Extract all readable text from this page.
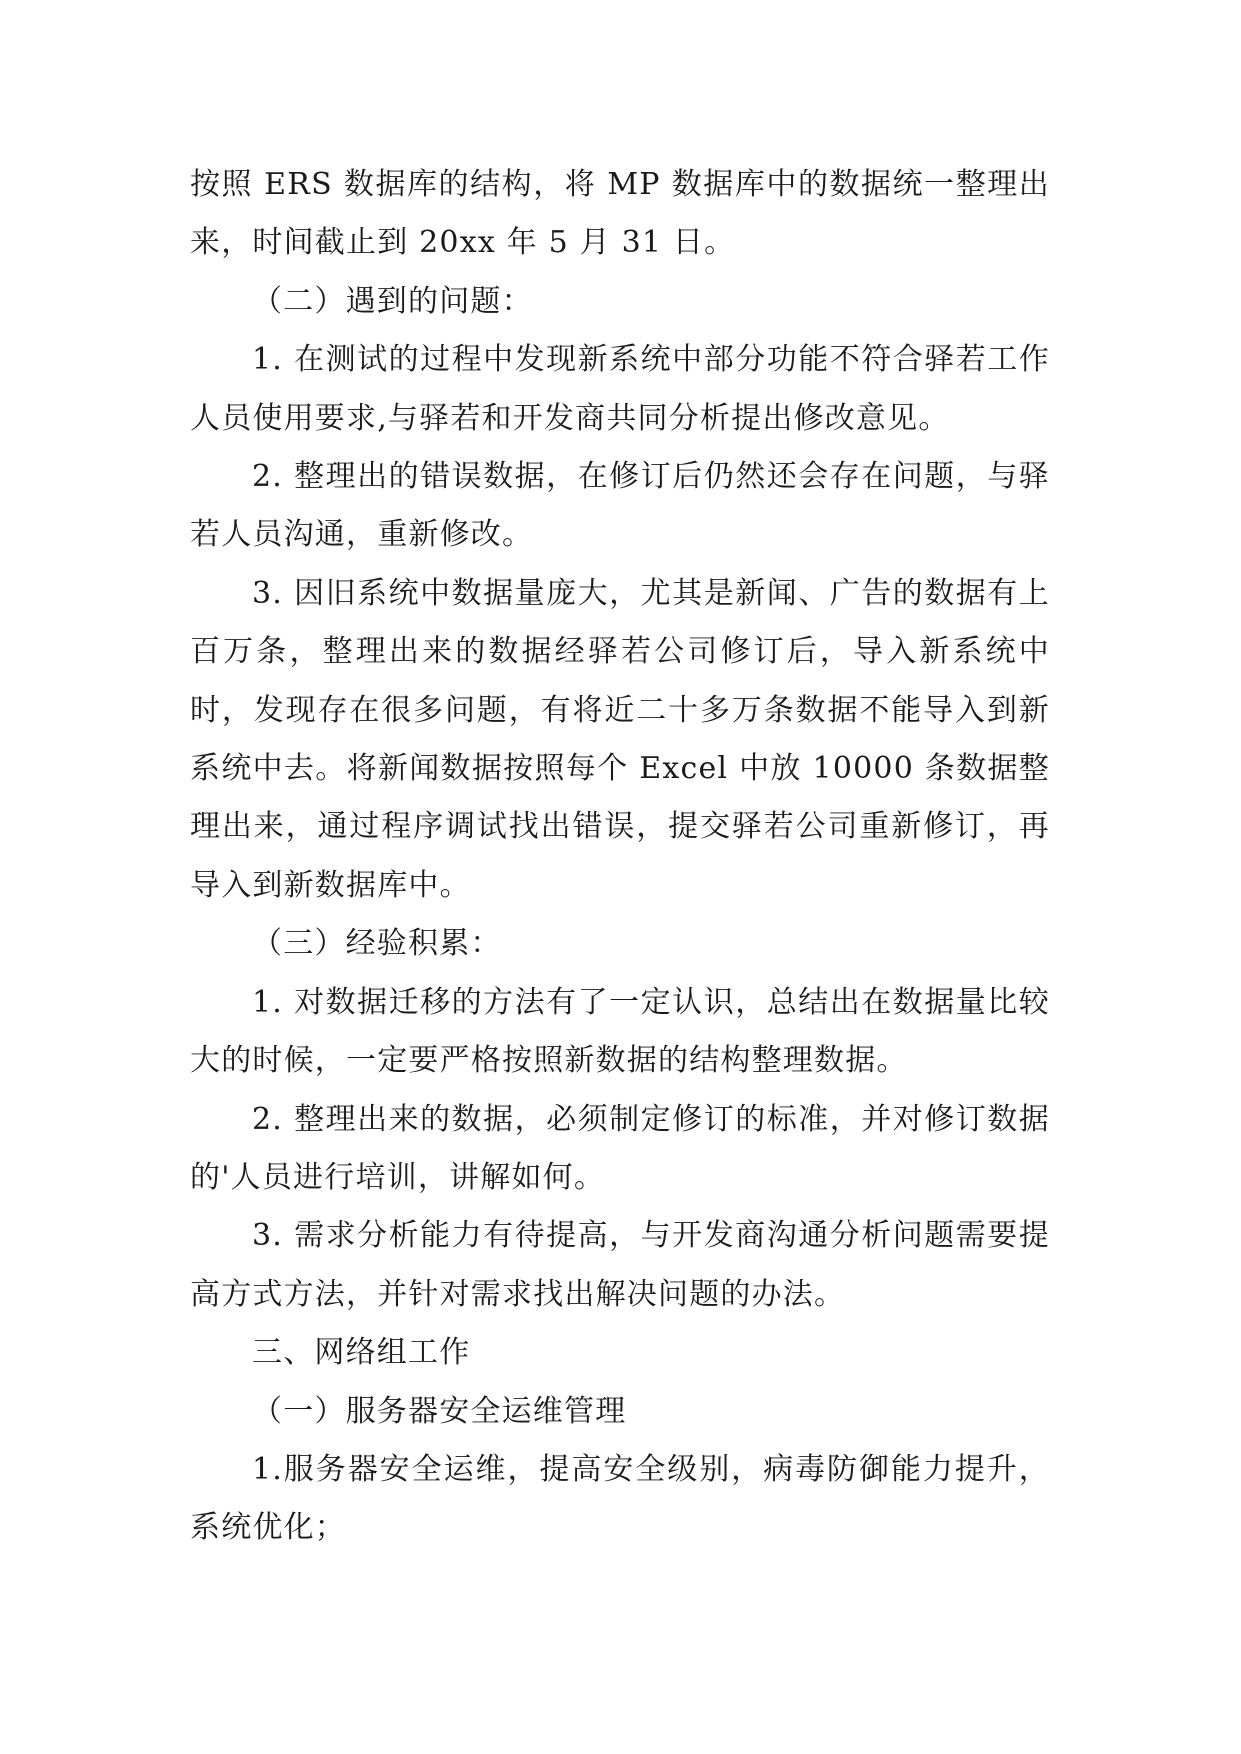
按照 ERS 数据库的结构，将 MP 数据库中的数据统一整理出来，时间截止到 20xx 年 5 月 31 日。

（二）遇到的问题：

1. 在测试的过程中发现新系统中部分功能不符合驿若工作人员使用要求,与驿若和开发商共同分析提出修改意见。

2. 整理出的错误数据，在修订后仍然还会存在问题，与驿若人员沟通，重新修改。

3. 因旧系统中数据量庞大，尤其是新闻、广告的数据有上百万条，整理出来的数据经驿若公司修订后，导入新系统中时，发现存在很多问题，有将近二十多万条数据不能导入到新系统中去。将新闻数据按照每个 Excel 中放 10000 条数据整理出来，通过程序调试找出错误，提交驿若公司重新修订，再导入到新数据库中。

（三）经验积累：

1. 对数据迁移的方法有了一定认识，总结出在数据量比较大的时候，一定要严格按照新数据的结构整理数据。

2. 整理出来的数据，必须制定修订的标准，并对修订数据的'人员进行培训，讲解如何。

3. 需求分析能力有待提高，与开发商沟通分析问题需要提高方式方法，并针对需求找出解决问题的办法。

三、网络组工作

（一）服务器安全运维管理

1.服务器安全运维，提高安全级别，病毒防御能力提升，系统优化；
